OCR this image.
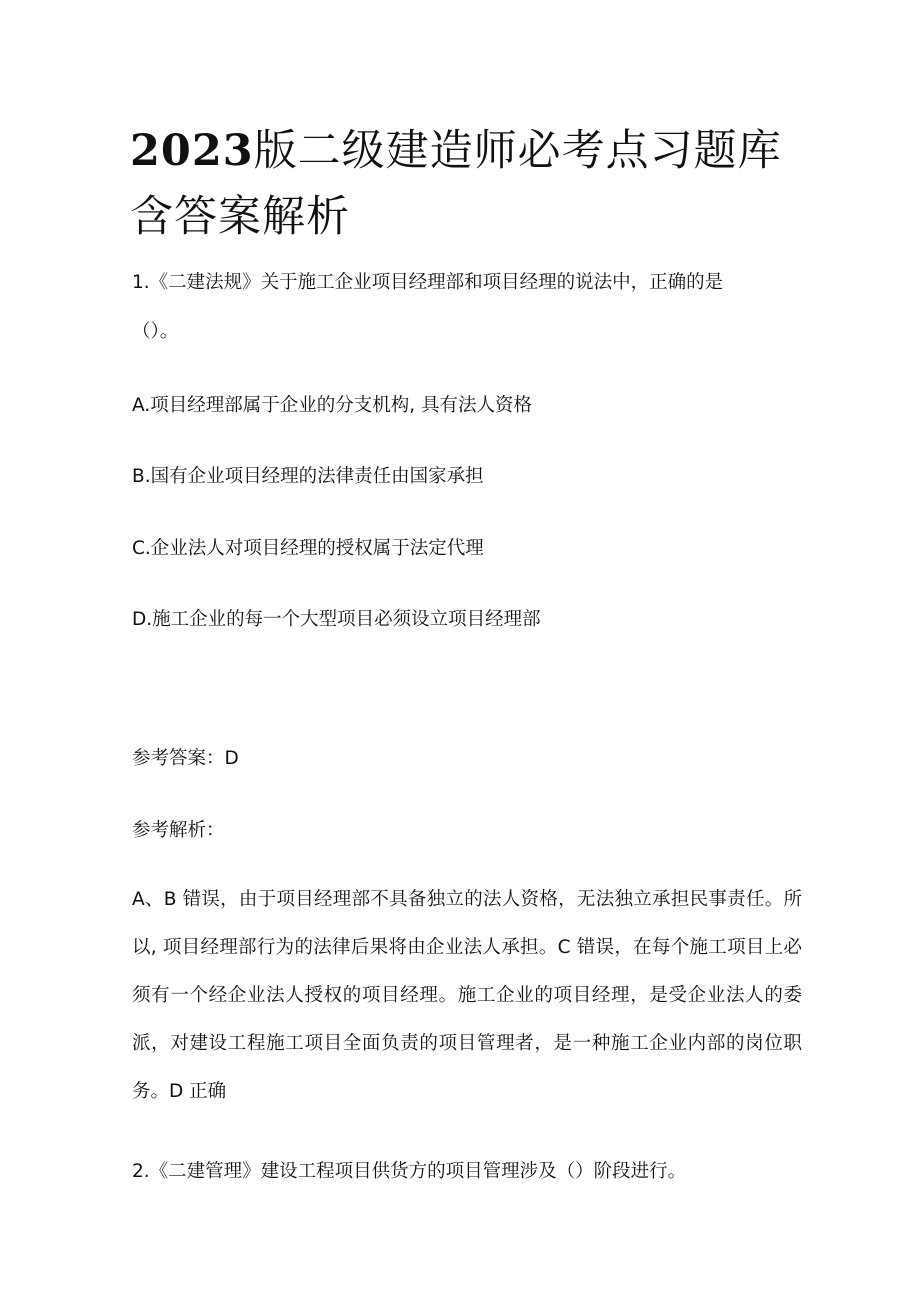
2023版二级建造师必考点习题库含答案解析

1.《二建法规》关于施工企业项目经理部和项目经理的说法中，正确的是

（）。

A.项目经理部属于企业的分支机构, 具有法人资格

B.国有企业项目经理的法律责任由国家承担

C.企业法人对项目经理的授权属于法定代理

D.施工企业的每一个大型项目必须设立项目经理部

参考答案：D

参考解析：

A、B 错误，由于项目经理部不具备独立的法人资格，无法独立承担民事责任。所以, 项目经理部行为的法律后果将由企业法人承担。C 错误，在每个施工项目上必须有一个经企业法人授权的项目经理。施工企业的项目经理，是受企业法人的委派，对建设工程施工项目全面负责的项目管理者，是一种施工企业内部的岗位职务。D 正确

2.《二建管理》建设工程项目供货方的项目管理涉及（）阶段进行。
